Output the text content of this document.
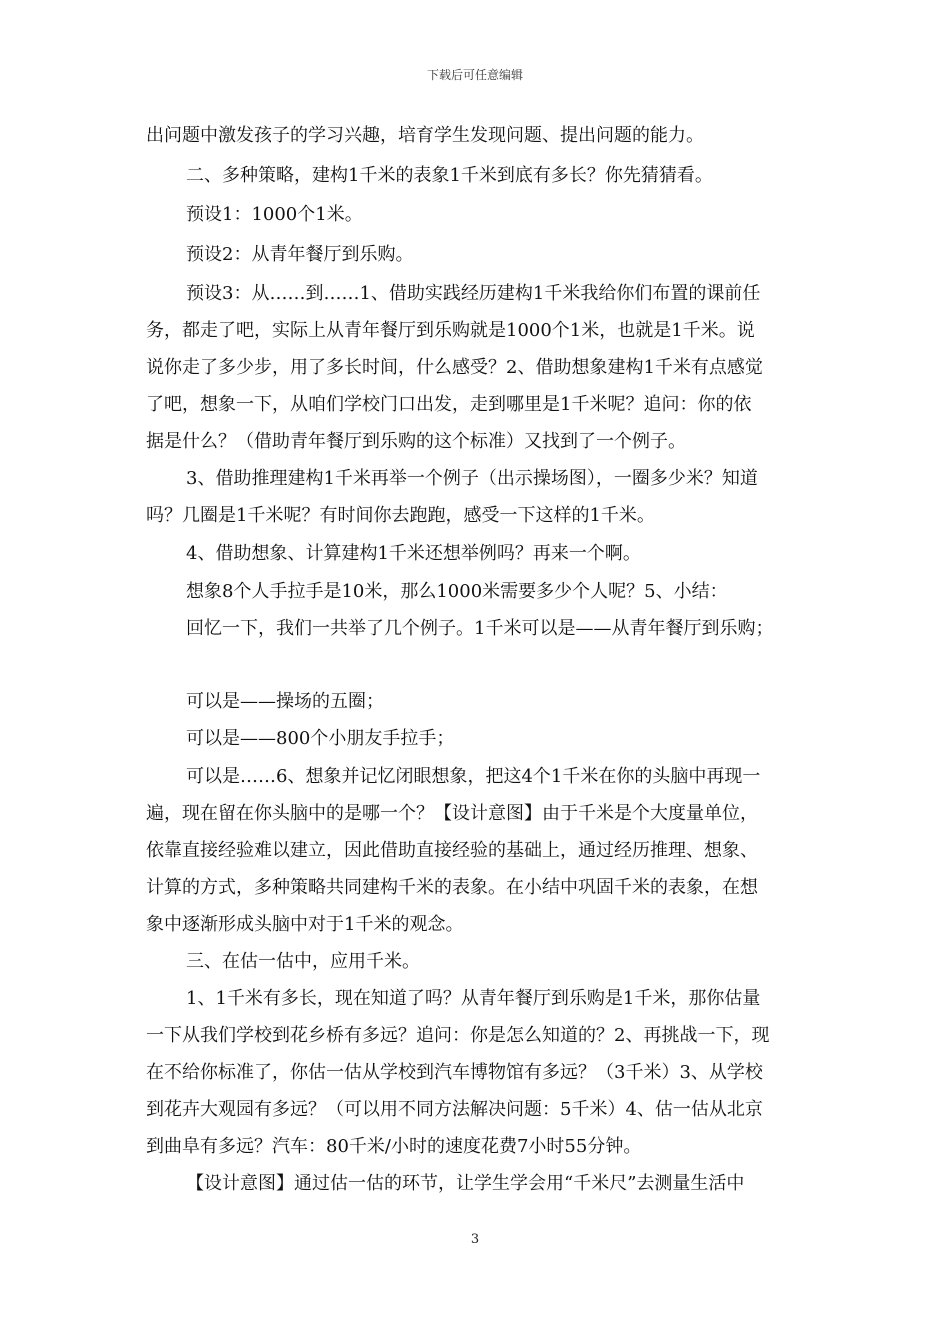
下载后可任意编辑
出问题中激发孩子的学习兴趣，培育学生发现问题、提出问题的能力。
二、多种策略，建构1千米的表象1千米到底有多长？你先猜猜看。
预设1：1000个1米。
预设2：从青年餐厅到乐购。
预设3：从……到……1、借助实践经历建构1千米我给你们布置的课前任
务，都走了吧，实际上从青年餐厅到乐购就是1000个1米，也就是1千米。说
说你走了多少步，用了多长时间，什么感受？2、借助想象建构1千米有点感觉
了吧，想象一下，从咱们学校门口出发，走到哪里是1千米呢？追问：你的依
据是什么？（借助青年餐厅到乐购的这个标准）又找到了一个例子。
3、借助推理建构1千米再举一个例子（出示操场图），一圈多少米？知道
吗？几圈是1千米呢？有时间你去跑跑，感受一下这样的1千米。
4、借助想象、计算建构1千米还想举例吗？再来一个啊。
想象8个人手拉手是10米，那么1000米需要多少个人呢？5、小结：
回忆一下，我们一共举了几个例子。1千米可以是——从青年餐厅到乐购；
可以是——操场的五圈；
可以是——800个小朋友手拉手；
可以是……6、想象并记忆闭眼想象，把这4个1千米在你的头脑中再现一
遍，现在留在你头脑中的是哪一个？【设计意图】由于千米是个大度量单位，
依靠直接经验难以建立，因此借助直接经验的基础上，通过经历推理、想象、
计算的方式，多种策略共同建构千米的表象。在小结中巩固千米的表象，在想
象中逐渐形成头脑中对于1千米的观念。
三、在估一估中，应用千米。
1、1千米有多长，现在知道了吗？从青年餐厅到乐购是1千米，那你估量
一下从我们学校到花乡桥有多远？追问：你是怎么知道的？2、再挑战一下，现
在不给你标准了，你估一估从学校到汽车博物馆有多远？（3千米）3、从学校
到花卉大观园有多远？（可以用不同方法解决问题：5千米）4、估一估从北京
到曲阜有多远？汽车：80千米/小时的速度花费7小时55分钟。
【设计意图】通过估一估的环节，让学生学会用“千米尺”去测量生活中
3
